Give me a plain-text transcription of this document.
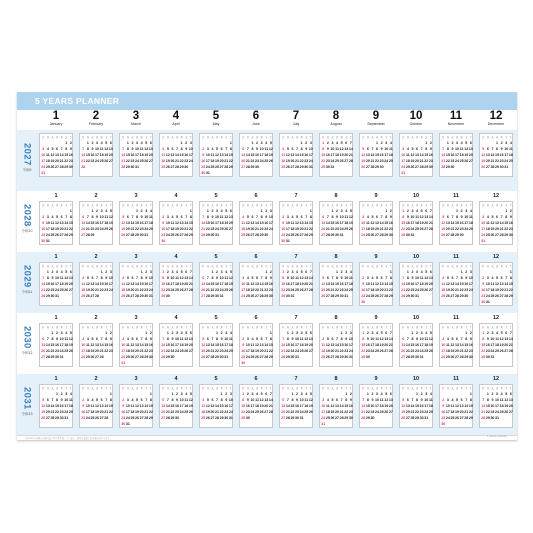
5 YEARS PLANNER
1
January
2
February
3
March
4
April
5
May
6
June
7
July
8
August
9
September
10
October
11
November
12
December
2027
令和9
日 月 火 水 木 金 土
1 2
3 4 5 6 7 8 9
10 11 12 13 14 15 16
17 18 19 20 21 22 23
24 25 26 27 28 29 30
31
日 月 火 水 木 金 土
1 2 3 4 5 6
7 8 9 10 11 12 13
14 15 16 17 18 19 20
21 22 23 24 25 26 27
28
日 月 火 水 木 金 土
1 2 3 4 5 6
7 8 9 10 11 12 13
14 15 16 17 18 19 20
21 22 23 24 25 26 27
28 29 30 31
日 月 火 水 木 金 土
1 2 3
4 5 6 7 8 9 10
11 12 13 14 15 16 17
18 19 20 21 22 23 24
25 26 27 28 29 30
日 月 火 水 木 金 土
1
2 3 4 5 6 7 8
9 10 11 12 13 14 15
16 17 18 19 20 21 22
23 24 25 26 27 28 29
30 31
日 月 火 水 木 金 土
1 2 3 4 5
6 7 8 9 10 11 12
13 14 15 16 17 18 19
20 21 22 23 24 25 26
27 28 29 30
日 月 火 水 木 金 土
1 2 3
4 5 6 7 8 9 10
11 12 13 14 15 16 17
18 19 20 21 22 23 24
25 26 27 28 29 30 31
日 月 火 水 木 金 土
1 2 3 4 5 6 7
8 9 10 11 12 13 14
15 16 17 18 19 20 21
22 23 24 25 26 27 28
29 30 31
日 月 火 水 木 金 土
1 2 3 4
5 6 7 8 9 10 11
12 13 14 15 16 17 18
19 20 21 22 23 24 25
26 27 28 29 30
日 月 火 水 木 金 土
1 2
3 4 5 6 7 8 9
10 11 12 13 14 15 16
17 18 19 20 21 22 23
24 25 26 27 28 29 30
31
日 月 火 水 木 金 土
1 2 3 4 5 6
7 8 9 10 11 12 13
14 15 16 17 18 19 20
21 22 23 24 25 26 27
28 29 30
日 月 火 水 木 金 土
1 2 3 4
5 6 7 8 9 10 11
12 13 14 15 16 17 18
19 20 21 22 23 24 25
26 27 28 29 30 31
2028
令和10
1
日 月 火 水 木 金 土
1
2 3 4 5 6 7 8
9 10 11 12 13 14 15
16 17 18 19 20 21 22
23 24 25 26 27 28 29
30 31
2
日 月 火 水 木 金 土
1 2 3 4 5
6 7 8 9 10 11 12
13 14 15 16 17 18 19
20 21 22 23 24 25 26
27 28 29
3
日 月 火 水 木 金 土
1 2 3 4
5 6 7 8 9 10 11
12 13 14 15 16 17 18
19 20 21 22 23 24 25
26 27 28 29 30 31
4
日 月 火 水 木 金 土
1
2 3 4 5 6 7 8
9 10 11 12 13 14 15
16 17 18 19 20 21 22
23 24 25 26 27 28 29
30
5
日 月 火 水 木 金 土
1 2 3 4 5 6
7 8 9 10 11 12 13
14 15 16 17 18 19 20
21 22 23 24 25 26 27
28 29 30 31
6
日 月 火 水 木 金 土
1 2 3
4 5 6 7 8 9 10
11 12 13 14 15 16 17
18 19 20 21 22 23 24
25 26 27 28 29 30
7
日 月 火 水 木 金 土
1
2 3 4 5 6 7 8
9 10 11 12 13 14 15
16 17 18 19 20 21 22
23 24 25 26 27 28 29
30 31
8
日 月 火 水 木 金 土
1 2 3 4 5
6 7 8 9 10 11 12
13 14 15 16 17 18 19
20 21 22 23 24 25 26
27 28 29 30 31
9
日 月 火 水 木 金 土
1 2
3 4 5 6 7 8 9
10 11 12 13 14 15 16
17 18 19 20 21 22 23
24 25 26 27 28 29 30
10
日 月 火 水 木 金 土
1 2 3 4 5 6 7
8 9 10 11 12 13 14
15 16 17 18 19 20 21
22 23 24 25 26 27 28
29 30 31
11
日 月 火 水 木 金 土
1 2 3 4
5 6 7 8 9 10 11
12 13 14 15 16 17 18
19 20 21 22 23 24 25
26 27 28 29 30
12
日 月 火 水 木 金 土
1 2
3 4 5 6 7 8 9
10 11 12 13 14 15 16
17 18 19 20 21 22 23
24 25 26 27 28 29 30
31
2029
令和11
1
日 月 火 水 木 金 土
1 2 3 4 5 6
7 8 9 10 11 12 13
14 15 16 17 18 19 20
21 22 23 24 25 26 27
28 29 30 31
2
日 月 火 水 木 金 土
1 2 3
4 5 6 7 8 9 10
11 12 13 14 15 16 17
18 19 20 21 22 23 24
25 26 27 28
3
日 月 火 水 木 金 土
1 2 3
4 5 6 7 8 9 10
11 12 13 14 15 16 17
18 19 20 21 22 23 24
25 26 27 28 29 30 31
4
日 月 火 水 木 金 土
1 2 3 4 5 6 7
8 9 10 11 12 13 14
15 16 17 18 19 20 21
22 23 24 25 26 27 28
29 30
5
日 月 火 水 木 金 土
1 2 3 4 5
6 7 8 9 10 11 12
13 14 15 16 17 18 19
20 21 22 23 24 25 26
27 28 29 30 31
6
日 月 火 水 木 金 土
1 2
3 4 5 6 7 8 9
10 11 12 13 14 15 16
17 18 19 20 21 22 23
24 25 26 27 28 29 30
7
日 月 火 水 木 金 土
1 2 3 4 5 6 7
8 9 10 11 12 13 14
15 16 17 18 19 20 21
22 23 24 25 26 27 28
29 30 31
8
日 月 火 水 木 金 土
1 2 3 4
5 6 7 8 9 10 11
12 13 14 15 16 17 18
19 20 21 22 23 24 25
26 27 28 29 30 31
9
日 月 火 水 木 金 土
1
2 3 4 5 6 7 8
9 10 11 12 13 14 15
16 17 18 19 20 21 22
23 24 25 26 27 28 29
30
10
日 月 火 水 木 金 土
1 2 3 4 5 6
7 8 9 10 11 12 13
14 15 16 17 18 19 20
21 22 23 24 25 26 27
28 29 30 31
11
日 月 火 水 木 金 土
1 2 3
4 5 6 7 8 9 10
11 12 13 14 15 16 17
18 19 20 21 22 23 24
25 26 27 28 29 30
12
日 月 火 水 木 金 土
1
2 3 4 5 6 7 8
9 10 11 12 13 14 15
16 17 18 19 20 21 22
23 24 25 26 27 28 29
30 31
2030
令和12
1
日 月 火 水 木 金 土
1 2 3 4 5
6 7 8 9 10 11 12
13 14 15 16 17 18 19
20 21 22 23 24 25 26
27 28 29 30 31
2
日 月 火 水 木 金 土
1 2
3 4 5 6 7 8 9
10 11 12 13 14 15 16
17 18 19 20 21 22 23
24 25 26 27 28
3
日 月 火 水 木 金 土
1 2
3 4 5 6 7 8 9
10 11 12 13 14 15 16
17 18 19 20 21 22 23
24 25 26 27 28 29 30
31
4
日 月 火 水 木 金 土
1 2 3 4 5 6
7 8 9 10 11 12 13
14 15 16 17 18 19 20
21 22 23 24 25 26 27
28 29 30
5
日 月 火 水 木 金 土
1 2 3 4
5 6 7 8 9 10 11
12 13 14 15 16 17 18
19 20 21 22 23 24 25
26 27 28 29 30 31
6
日 月 火 水 木 金 土
1
2 3 4 5 6 7 8
9 10 11 12 13 14 15
16 17 18 19 20 21 22
23 24 25 26 27 28 29
30
7
日 月 火 水 木 金 土
1 2 3 4 5 6
7 8 9 10 11 12 13
14 15 16 17 18 19 20
21 22 23 24 25 26 27
28 29 30 31
8
日 月 火 水 木 金 土
1 2 3
4 5 6 7 8 9 10
11 12 13 14 15 16 17
18 19 20 21 22 23 24
25 26 27 28 29 30 31
9
日 月 火 水 木 金 土
1 2 3 4 5 6 7
8 9 10 11 12 13 14
15 16 17 18 19 20 21
22 23 24 25 26 27 28
29 30
10
日 月 火 水 木 金 土
1 2 3 4 5
6 7 8 9 10 11 12
13 14 15 16 17 18 19
20 21 22 23 24 25 26
27 28 29 30 31
11
日 月 火 水 木 金 土
1 2
3 4 5 6 7 8 9
10 11 12 13 14 15 16
17 18 19 20 21 22 23
24 25 26 27 28 29 30
12
日 月 火 水 木 金 土
1 2 3 4 5 6 7
8 9 10 11 12 13 14
15 16 17 18 19 20 21
22 23 24 25 26 27 28
29 30 31
2031
令和13
1
日 月 火 水 木 金 土
1 2 3 4
5 6 7 8 9 10 11
12 13 14 15 16 17 18
19 20 21 22 23 24 25
26 27 28 29 30 31
2
日 月 火 水 木 金 土
1
2 3 4 5 6 7 8
9 10 11 12 13 14 15
16 17 18 19 20 21 22
23 24 25 26 27 28
3
日 月 火 水 木 金 土
1
2 3 4 5 6 7 8
9 10 11 12 13 14 15
16 17 18 19 20 21 22
23 24 25 26 27 28 29
30 31
4
日 月 火 水 木 金 土
1 2 3 4 5
6 7 8 9 10 11 12
13 14 15 16 17 18 19
20 21 22 23 24 25 26
27 28 29 30
5
日 月 火 水 木 金 土
1 2 3
4 5 6 7 8 9 10
11 12 13 14 15 16 17
18 19 20 21 22 23 24
25 26 27 28 29 30 31
6
日 月 火 水 木 金 土
1 2 3 4 5 6 7
8 9 10 11 12 13 14
15 16 17 18 19 20 21
22 23 24 25 26 27 28
29 30
7
日 月 火 水 木 金 土
1 2 3 4 5
6 7 8 9 10 11 12
13 14 15 16 17 18 19
20 21 22 23 24 25 26
27 28 29 30 31
8
日 月 火 水 木 金 土
1 2
3 4 5 6 7 8 9
10 11 12 13 14 15 16
17 18 19 20 21 22 23
24 25 26 27 28 29 30
31
9
日 月 火 水 木 金 土
1 2 3 4 5 6
7 8 9 10 11 12 13
14 15 16 17 18 19 20
21 22 23 24 25 26 27
28 29 30
10
日 月 火 水 木 金 土
1 2 3 4
5 6 7 8 9 10 11
12 13 14 15 16 17 18
19 20 21 22 23 24 25
26 27 28 29 30 31
11
日 月 火 水 木 金 土
1
2 3 4 5 6 7 8
9 10 11 12 13 14 15
16 17 18 19 20 21 22
23 24 25 26 27 28 29
30
12
日 月 火 水 木 金 土
1 2 3 4 5 6
7 8 9 10 11 12 13
14 15 16 17 18 19 20
21 22 23 24 25 26 27
28 29 30 31
※2026年3月現在の祝日法に基づき作成しています。祝日は変更になる場合があります。
5 YEARS PLANNER
